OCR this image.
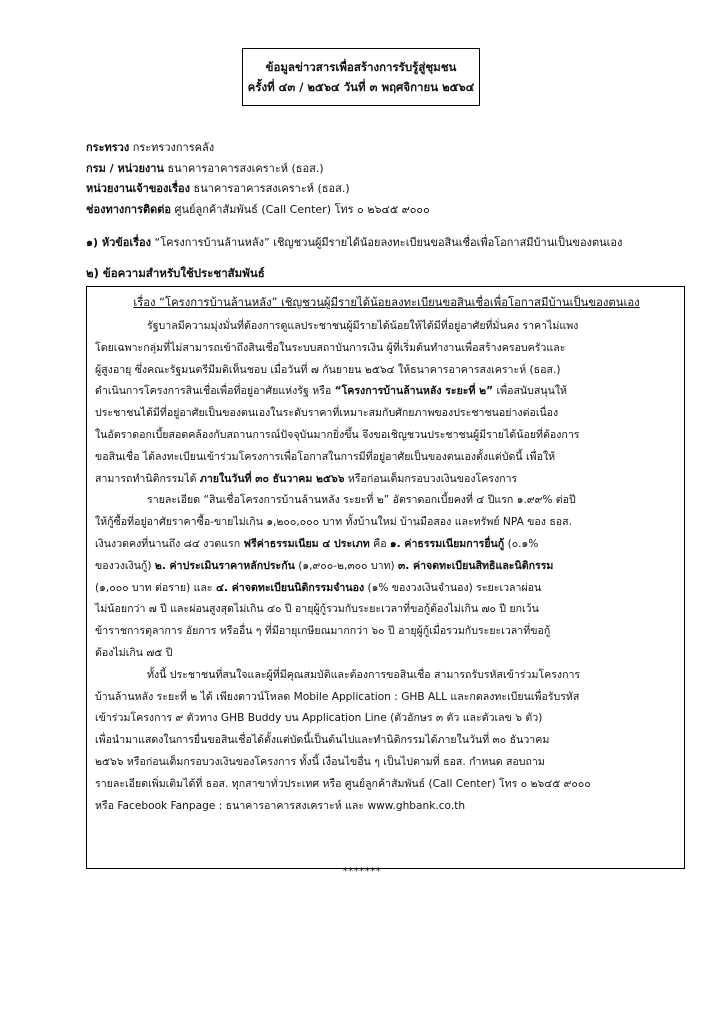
ข้อมูลข่าวสารเพื่อสร้างการรับรู้สู่ชุมชน
ครั้งที่ ๔๓ / ๒๕๖๔ วันที่ ๓ พฤศจิกายน ๒๕๖๔
กระทรวง กระทรวงการคลัง
กรม / หน่วยงาน ธนาคารอาคารสงเคราะห์ (ธอส.)
หน่วยงานเจ้าของเรื่อง ธนาคารอาคารสงเคราะห์ (ธอส.)
ช่องทางการติดต่อ ศูนย์ลูกค้าสัมพันธ์ (Call Center) โทร ๐ ๒๖๔๕ ๙๐๐๐
๑) หัวข้อเรื่อง “โครงการบ้านล้านหลัง” เชิญชวนผู้มีรายได้น้อยลงทะเบียนขอสินเชื่อเพื่อโอกาสมีบ้านเป็นของตนเอง
๒) ข้อความสำหรับใช้ประชาสัมพันธ์
เรื่อง “โครงการบ้านล้านหลัง” เชิญชวนผู้มีรายได้น้อยลงทะเบียนขอสินเชื่อเพื่อโอกาสมีบ้านเป็นของตนเอง

รัฐบาลมีความมุ่งมั่นที่ต้องการดูแลประชาชนผู้มีรายได้น้อยให้ได้มีที่อยู่อาศัยที่มั่นคง ราคาไม่แพง
โดยเฉพาะกลุ่มที่ไม่สามารถเข้าถึงสินเชื่อในระบบสถาบันการเงิน ผู้ที่เริ่มต้นทำงานเพื่อสร้างครอบครัวและ
ผู้สูงอายุ ซึ่งคณะรัฐมนตรีมีมติเห็นชอบ เมื่อวันที่ ๗ กันยายน ๒๕๖๔ ให้ธนาคารอาคารสงเคราะห์ (ธอส.)
ดำเนินการโครงการสินเชื่อเพื่อที่อยู่อาศัยแห่งรัฐ หรือ “โครงการบ้านล้านหลัง ระยะที่ ๒” เพื่อสนับสนุนให้
ประชาชนได้มีที่อยู่อาศัยเป็นของตนเองในระดับราคาที่เหมาะสมกับศักยภาพของประชาชนอย่างต่อเนื่อง
ในอัตราดอกเบี้ยสอดคล้องกับสถานการณ์ปัจจุบันมากยิ่งขึ้น จึงขอเชิญชวนประชาชนผู้มีรายได้น้อยที่ต้องการ
ขอสินเชื่อ ได้ลงทะเบียนเข้าร่วมโครงการเพื่อโอกาสในการมีที่อยู่อาศัยเป็นของตนเองตั้งแต่บัดนี้ เพื่อให้
สามารถทำนิติกรรมได้ ภายในวันที่ ๓๐ ธันวาคม ๒๕๖๖ หรือก่อนเต็มกรอบวงเงินของโครงการ

รายละเอียด “สินเชื่อโครงการบ้านล้านหลัง ระยะที่ ๒” อัตราดอกเบี้ยคงที่ ๔ ปีแรก ๑.๙๙% ต่อปี
ให้กู้ซื้อที่อยู่อาศัยราคาซื้อ-ขายไม่เกิน ๑,๒๐๐,๐๐๐ บาท ทั้งบ้านใหม่ บ้านมือสอง และทรัพย์ NPA ของ ธอส.
เงินงวดคงที่นานถึง ๘๔ งวดแรก ฟรีค่าธรรมเนียม ๔ ประเภท คือ ๑. ค่าธรรมเนียมการยื่นกู้ (๐.๑%
ของวงเงินกู้) ๒. ค่าประเมินราคาหลักประกัน (๑,๙๐๐-๒,๓๐๐ บาท) ๓. ค่าจดทะเบียนสิทธิและนิติกรรม
(๑,๐๐๐ บาท ต่อราย) และ ๔. ค่าจดทะเบียนนิติกรรมจำนอง (๑% ของวงเงินจำนอง) ระยะเวลาผ่อน
ไม่น้อยกว่า ๗ ปี และผ่อนสูงสุดไม่เกิน ๔๐ ปี อายุผู้กู้รวมกับระยะเวลาที่ขอกู้ต้องไม่เกิน ๗๐ ปี ยกเว้น
ข้าราชการตุลาการ อัยการ หรืออื่น ๆ ที่มีอายุเกษียณมากกว่า ๖๐ ปี อายุผู้กู้เมื่อรวมกับระยะเวลาที่ขอกู้
ต้องไม่เกิน ๗๕ ปี

ทั้งนี้ ประชาชนที่สนใจและผู้ที่มีคุณสมบัติและต้องการขอสินเชื่อ สามารถรับรหัสเข้าร่วมโครงการ
บ้านล้านหลัง ระยะที่ ๒ ได้ เพียงดาวน์โหลด Mobile Application : GHB ALL และกดลงทะเบียนเพื่อรับรหัส
เข้าร่วมโครงการ ๙ ตัวทาง GHB Buddy บน Application Line (ตัวอักษร ๓ ตัว และตัวเลข ๖ ตัว)
เพื่อนำมาแสดงในการยื่นขอสินเชื่อได้ตั้งแต่บัดนี้เป็นต้นไปและทำนิติกรรมได้ภายในวันที่ ๓๐ ธันวาคม
๒๕๖๖ หรือก่อนเต็มกรอบวงเงินของโครงการ ทั้งนี้ เงื่อนไขอื่น ๆ เป็นไปตามที่ ธอส. กำหนด สอบถาม
รายละเอียดเพิ่มเติมได้ที่ ธอส. ทุกสาขาทั่วประเทศ หรือ ศูนย์ลูกค้าสัมพันธ์ (Call Center) โทร ๐ ๒๖๔๕ ๙๐๐๐
หรือ Facebook Fanpage : ธนาคารอาคารสงเคราะห์ และ www.ghbank.co.th

*******
